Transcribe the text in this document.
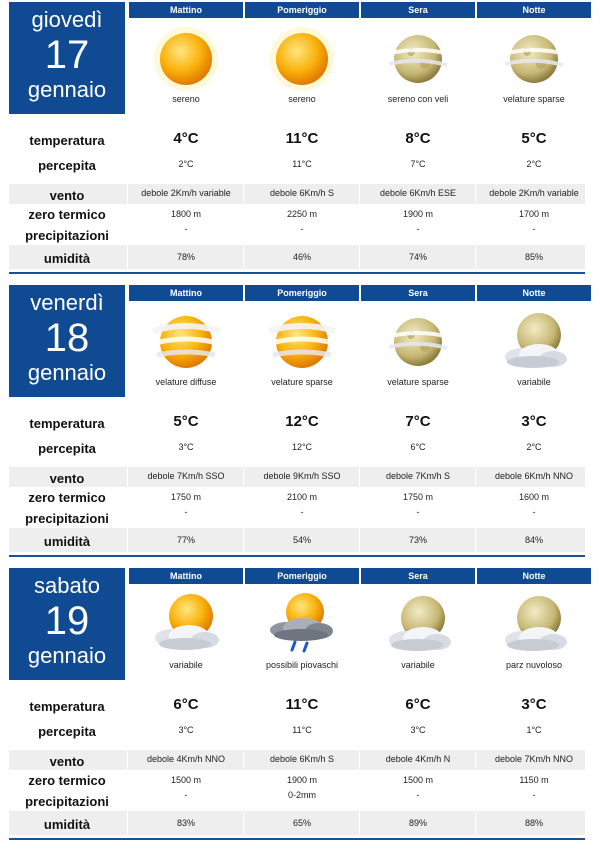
giovedì
17
gennaio
temperatura
percepita
vento
zero termico
precipitazioni
umidità
Mattino
sereno
4°C
2°C
debole 2Km/h variable
1800 m
-
78%
Pomeriggio
sereno
11°C
11°C
debole 6Km/h S
2250 m
-
46%
Sera
sereno con veli
8°C
7°C
debole 6Km/h ESE
1900 m
-
74%
Notte
velature sparse
5°C
2°C
debole 2Km/h variable
1700 m
-
85%
venerdì
18
gennaio
temperatura
percepita
vento
zero termico
precipitazioni
umidità
Mattino
velature diffuse
5°C
3°C
debole 7Km/h SSO
1750 m
-
77%
Pomeriggio
velature sparse
12°C
12°C
debole 9Km/h SSO
2100 m
-
54%
Sera
velature sparse
7°C
6°C
debole 7Km/h S
1750 m
-
73%
Notte
variabile
3°C
2°C
debole 6Km/h NNO
1600 m
-
84%
sabato
19
gennaio
temperatura
percepita
vento
zero termico
precipitazioni
umidità
Mattino
variabile
6°C
3°C
debole 4Km/h NNO
1500 m
-
83%
Pomeriggio
possibili piovaschi
11°C
11°C
debole 6Km/h S
1900 m
0-2mm
65%
Sera
variabile
6°C
3°C
debole 4Km/h N
1500 m
-
89%
Notte
parz nuvoloso
3°C
1°C
debole 7Km/h NNO
1150 m
-
88%
